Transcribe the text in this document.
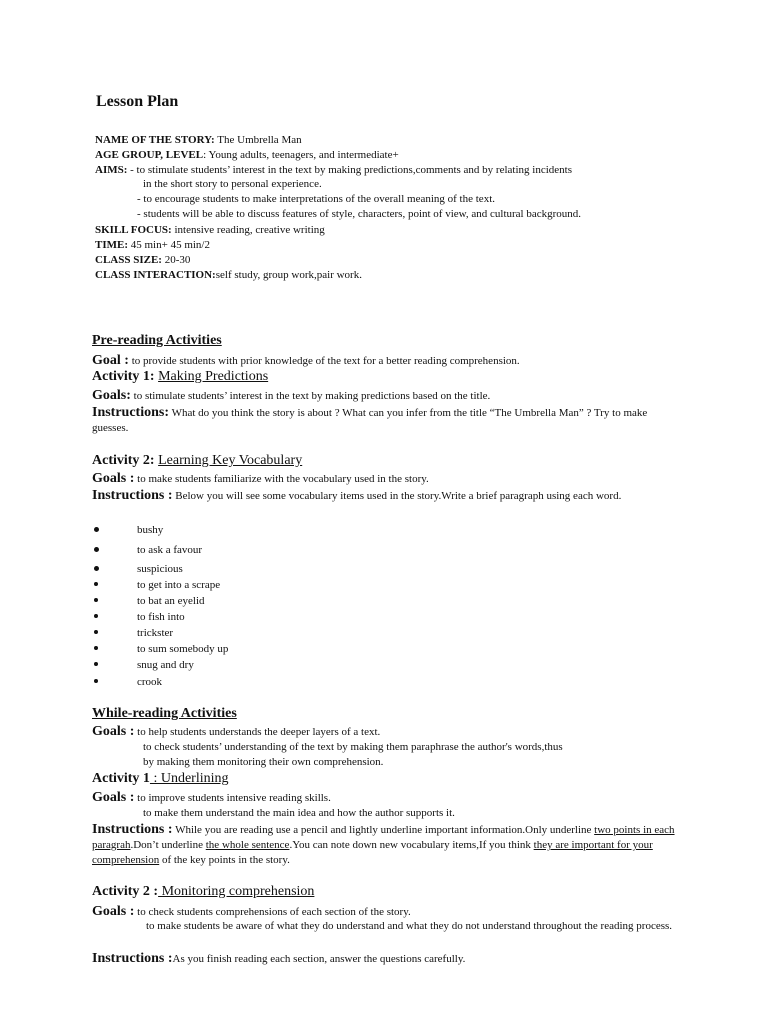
Lesson Plan
NAME OF THE STORY: The Umbrella Man
AGE GROUP, LEVEL: Young adults, teenagers, and intermediate+
AIMS: - to stimulate students’ interest in the text by making predictions,comments and by relating incidents
in the short story to personal experience.
- to encourage students to make interpretations of the overall meaning of the text.
- students will be able to discuss features of style, characters, point of view, and cultural background.
SKILL FOCUS: intensive reading, creative writing
TIME: 45 min+ 45 min/2
CLASS SIZE: 20-30
CLASS INTERACTION:self study, group work,pair work.
Pre-reading Activities
Goal : to provide students with prior knowledge of the text for a better reading comprehension.
Activity 1: Making Predictions
Goals: to stimulate students’ interest in the text by making predictions based on the title.
Instructions: What do you think the story is about ? What can you infer from the title “The Umbrella Man” ? Try to make guesses.
Activity 2: Learning Key Vocabulary
Goals : to make students familiarize with the vocabulary used in the story.
Instructions : Below you will see some vocabulary items used in the story.Write a brief paragraph using each word.
bushy
to ask a favour
suspicious
to get into a scrape
to bat an eyelid
to fish into
trickster
to sum somebody up
snug and dry
crook
While-reading Activities
Goals : to help students understands the deeper layers of a text.
to check students’ understanding of the text by making them paraphrase the author's words,thus
by making them monitoring their own comprehension.
Activity 1 : Underlining
Goals : to improve students intensive reading skills.
to make them understand the main idea and how the author supports it.
Instructions : While you are reading use a pencil and lightly underline important information.Only underline two points in each paragrah.Don’t underline the whole sentence.You can note down new vocabulary items,If you think they are important for your comprehension of the key points in the story.
Activity 2 : Monitoring comprehension
Goals : to check students comprehensions of each section of the story.
to make students be aware of what they do understand and what they do not understand throughout the reading process.
Instructions :As you finish reading each section, answer the questions carefully.
